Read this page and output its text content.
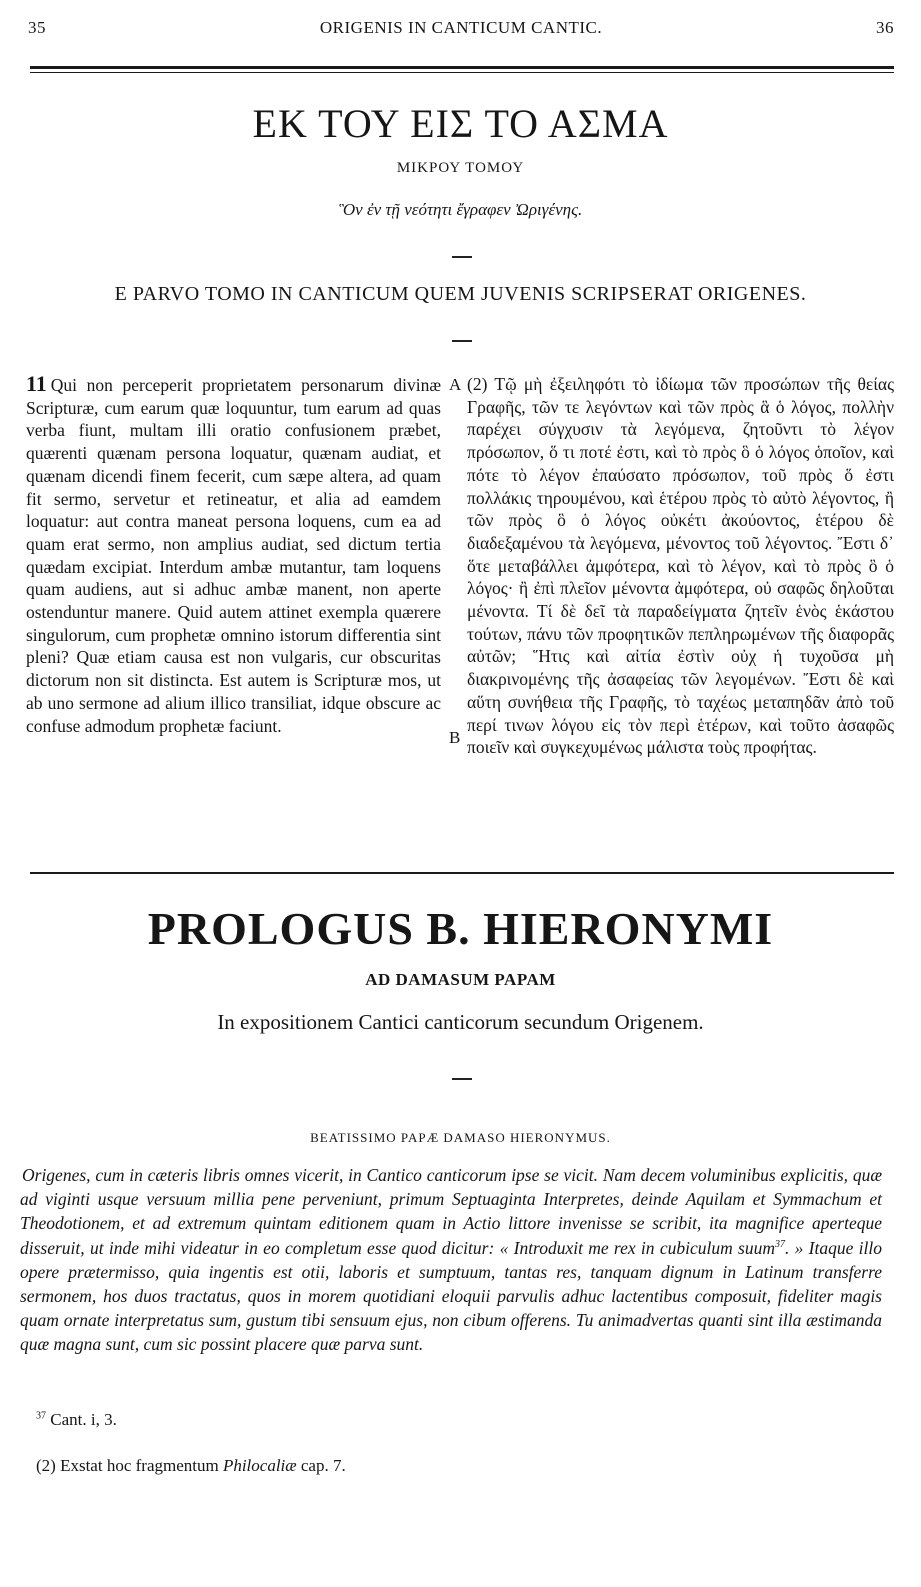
35	ORIGENIS IN CANTICUM CANTIC.	36
ΕΚ ΤΟΥ ΕΙΣ ΤΟ ΑΣΜΑ
ΜΙΚΡΟΥ ΤΟΜΟΥ
Ὃν ἐν τῇ νεότητι ἔγραφεν Ὠριγένης.
E PARVO TOMO IN CANTICUM QUEM JUVENIS SCRIPSERAT ORIGENES.
11 Qui non perceperit proprietatem personarum divinæ Scripturæ, cum earum quæ loquuntur, tum earum ad quas verba fiunt, multam illi oratio confusionem præbet, quærenti quænam persona loquatur, quænam audiat, et quænam dicendi finem fecerit, cum sæpe altera, ad quam fit sermo, servetur et retineatur, et alia ad eamdem loquatur: aut contra maneat persona loquens, cum ea ad quam erat sermo, non amplius audiat, sed dictum tertia quædam excipiat. Interdum ambæ mutantur, tam loquens quam audiens, aut si adhuc ambæ manent, non aperte ostenduntur manere. Quid autem attinet exempla quærere singulorum, cum prophetæ omnino istorum differentia sint pleni? Quæ etiam causa est non vulgaris, cur obscuritas dictorum non sit distincta. Est autem is Scripturæ mos, ut ab uno sermone ad alium illico transiliat, idque obscure ac confuse admodum prophetæ faciunt.
A
B
(2) Τῷ μὴ ἐξειληφότι τὸ ἰδίωμα τῶν προσώπων τῆς θείας Γραφῆς, τῶν τε λεγόντων καὶ τῶν πρὸς ἃ ὁ λόγος, πολλὴν παρέχει σύγχυσιν τὰ λεγόμενα, ζητοῦντι τὸ λέγον πρόσωπον, ὅ τι ποτέ ἐστι, καὶ τὸ πρὸς ὃ ὁ λόγος ὁποῖον, καὶ πότε τὸ λέγον ἐπαύσατο πρόσωπον, τοῦ πρὸς ὅ ἐστι πολλάκις τηρουμένου, καὶ ἑτέρου πρὸς τὸ αὐτὸ λέγοντος, ἢ τῶν πρὸς ὃ ὁ λόγος οὐκέτι ἀκούοντος, ἑτέρου δὲ διαδεξαμένου τὰ λεγόμενα, μένοντος τοῦ λέγοντος. Ἔστι δ᾽ ὅτε μεταβάλλει ἀμφότερα, καὶ τὸ λέγον, καὶ τὸ πρὸς ὃ ὁ λόγος· ἢ ἐπὶ πλεῖον μένοντα ἀμφότερα, οὐ σαφῶς δηλοῦται μένοντα. Τί δὲ δεῖ τὰ παραδείγματα ζητεῖν ἑνὸς ἑκάστου τούτων, πάνυ τῶν προφητικῶν πεπληρωμένων τῆς διαφορᾶς αὐτῶν; Ἥτις καὶ αἰτία ἐστὶν οὐχ ἡ τυχοῦσα μὴ διακρινομένης τῆς ἀσαφείας τῶν λεγομένων. Ἔστι δὲ καὶ αὕτη συνήθεια τῆς Γραφῆς, τὸ ταχέως μεταπηδᾶν ἀπὸ τοῦ περί τινων λόγου εἰς τὸν περὶ ἑτέρων, καὶ τοῦτο ἀσαφῶς ποιεῖν καὶ συγκεχυμένως μάλιστα τοὺς προφήτας.
PROLOGUS B. HIERONYMI
AD DAMASUM PAPAM
In expositionem Cantici canticorum secundum Origenem.
BEATISSIMO PAPÆ DAMASO HIERONYMUS.
Origenes, cum in cæteris libris omnes vicerit, in Cantico canticorum ipse se vicit. Nam decem voluminibus explicitis, quæ ad viginti usque versuum millia pene perveniunt, primum Septuaginta Interpretes, deinde Aquilam et Symmachum et Theodotionem, et ad extremum quintam editionem quam in Actio littore invenisse se scribit, ita magnifice aperteque disseruit, ut inde mihi videatur in eo completum esse quod dicitur: « Introduxit me rex in cubiculum suum$^{37}$. » Itaque illo opere prætermisso, quia ingentis est otii, laboris et sumptuum, tantas res, tanquam dignum in Latinum transferre sermonem, hos duos tractatus, quos in morem quotidiani eloquii parvulis adhuc lactentibus composuit, fideliter magis quam ornate interpretatus sum, gustum tibi sensuum ejus, non cibum offerens. Tu animadvertas quanti sint illa æstimanda quæ magna sunt, cum sic possint placere quæ parva sunt.
$^{37}$ Cant. i, 3.
(2) Exstat hoc fragmentum Philocaliæ cap. 7.
